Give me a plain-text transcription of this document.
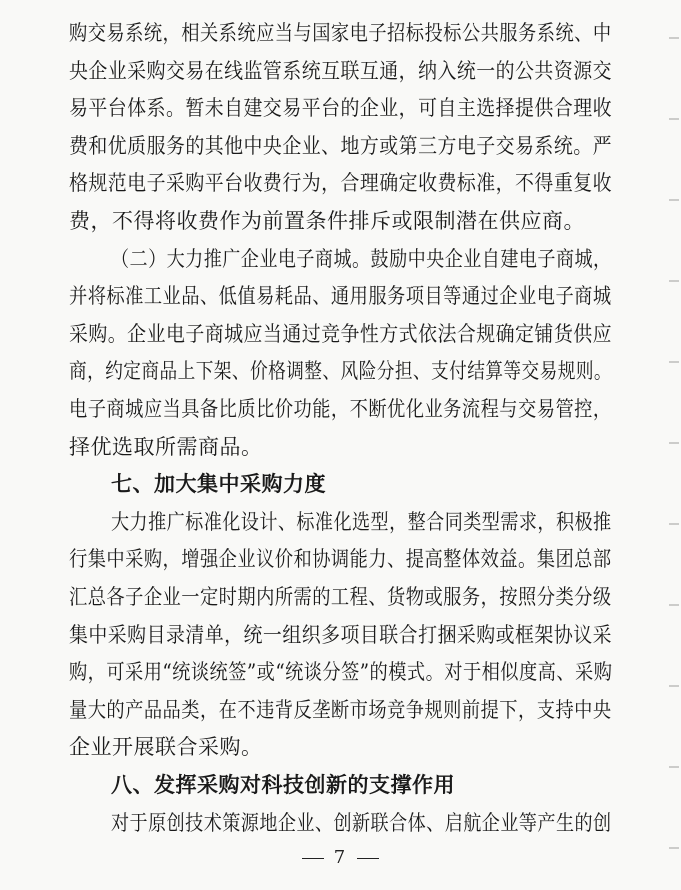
购交易系统，相关系统应当与国家电子招标投标公共服务系统、中
央企业采购交易在线监管系统互联互通，纳入统一的公共资源交
易平台体系。暂未自建交易平台的企业，可自主选择提供合理收
费和优质服务的其他中央企业、地方或第三方电子交易系统。严
格规范电子采购平台收费行为，合理确定收费标准，不得重复收
费，不得将收费作为前置条件排斥或限制潜在供应商。
（二）大力推广企业电子商城。鼓励中央企业自建电子商城，
并将标准工业品、低值易耗品、通用服务项目等通过企业电子商城
采购。企业电子商城应当通过竞争性方式依法合规确定铺货供应
商，约定商品上下架、价格调整、风险分担、支付结算等交易规则。
电子商城应当具备比质比价功能，不断优化业务流程与交易管控，
择优选取所需商品。
七、加大集中采购力度
大力推广标准化设计、标准化选型，整合同类型需求，积极推
行集中采购，增强企业议价和协调能力、提高整体效益。集团总部
汇总各子企业一定时期内所需的工程、货物或服务，按照分类分级
集中采购目录清单，统一组织多项目联合打捆采购或框架协议采
购，可采用“统谈统签”或“统谈分签”的模式。对于相似度高、采购
量大的产品品类，在不违背反垄断市场竞争规则前提下，支持中央
企业开展联合采购。
八、发挥采购对科技创新的支撑作用
对于原创技术策源地企业、创新联合体、启航企业等产生的创
7
